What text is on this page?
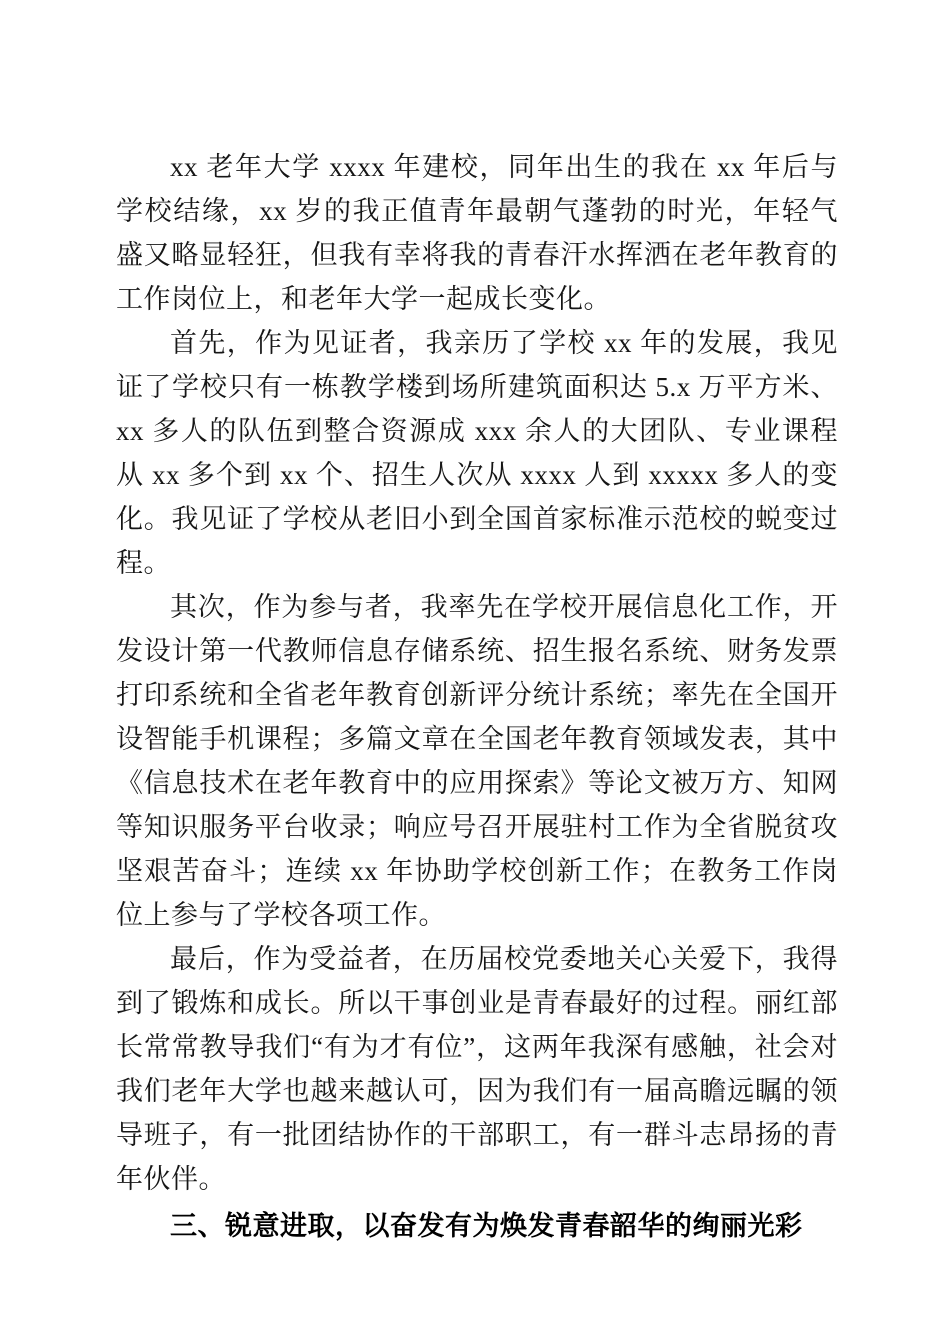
xx 老年大学 xxxx 年建校，同年出生的我在 xx 年后与学校结缘，xx 岁的我正值青年最朝气蓬勃的时光，年轻气盛又略显轻狂，但我有幸将我的青春汗水挥洒在老年教育的工作岗位上，和老年大学一起成长变化。

首先，作为见证者，我亲历了学校 xx 年的发展，我见证了学校只有一栋教学楼到场所建筑面积达 5.x 万平方米、xx 多人的队伍到整合资源成 xxx 余人的大团队、专业课程从 xx 多个到 xx 个、招生人次从 xxxx 人到 xxxxx 多人的变化。我见证了学校从老旧小到全国首家标准示范校的蜕变过程。

其次，作为参与者，我率先在学校开展信息化工作，开发设计第一代教师信息存储系统、招生报名系统、财务发票打印系统和全省老年教育创新评分统计系统；率先在全国开设智能手机课程；多篇文章在全国老年教育领域发表，其中《信息技术在老年教育中的应用探索》等论文被万方、知网等知识服务平台收录；响应号召开展驻村工作为全省脱贫攻坚艰苦奋斗；连续 xx 年协助学校创新工作；在教务工作岗位上参与了学校各项工作。

最后，作为受益者，在历届校党委地关心关爱下，我得到了锻炼和成长。所以干事创业是青春最好的过程。丽红部长常常教导我们“有为才有位”，这两年我深有感触，社会对我们老年大学也越来越认可，因为我们有一届高瞻远瞩的领导班子，有一批团结协作的干部职工，有一群斗志昂扬的青年伙伴。

三、锐意进取，以奋发有为焕发青春韶华的绚丽光彩
